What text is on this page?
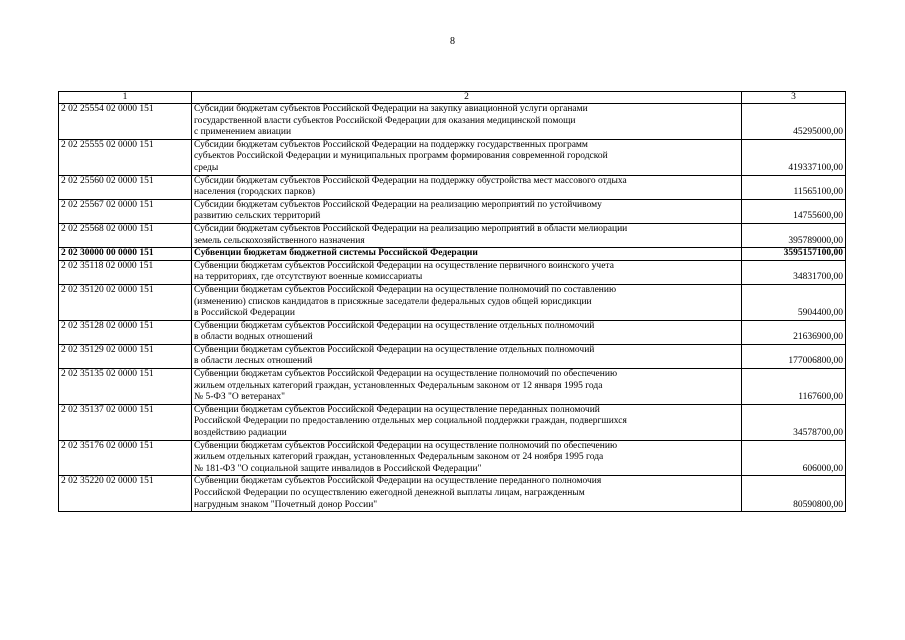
8
1	2	3
2 02 25554 02 0000 151	Субсидии бюджетам субъектов Российской Федерации на закупку авиационной услуги органами
государственной власти субъектов Российской Федерации для оказания медицинской помощи
с применением авиации	45295000,00
2 02 25555 02 0000 151	Субсидии бюджетам субъектов Российской Федерации на поддержку государственных программ
субъектов Российской Федерации и муниципальных программ формирования современной городской
среды	419337100,00
2 02 25560 02 0000 151	Субсидии бюджетам субъектов Российской Федерации на поддержку обустройства мест массового отдыха
населения (городских парков)	11565100,00
2 02 25567 02 0000 151	Субсидии бюджетам субъектов Российской Федерации на реализацию мероприятий по устойчивому
развитию сельских территорий	14755600,00
2 02 25568 02 0000 151	Субсидии бюджетам субъектов Российской Федерации на реализацию мероприятий в области мелиорации
земель сельскохозяйственного назначения	395789000,00
2 02 30000 00 0000 151	Субвенции бюджетам бюджетной системы Российской Федерации	3595157100,00
2 02 35118 02 0000 151	Субвенции бюджетам субъектов Российской Федерации на осуществление первичного воинского учета
на территориях, где отсутствуют военные комиссариаты	34831700,00
2 02 35120 02 0000 151	Субвенции бюджетам субъектов Российской Федерации на осуществление полномочий по составлению
(изменению) списков кандидатов в присяжные заседатели федеральных судов общей юрисдикции
в Российской Федерации	5904400,00
2 02 35128 02 0000 151	Субвенции бюджетам субъектов Российской Федерации на осуществление отдельных полномочий
в области водных отношений	21636900,00
2 02 35129 02 0000 151	Субвенции бюджетам субъектов Российской Федерации на осуществление отдельных полномочий
в области лесных отношений	177006800,00
2 02 35135 02 0000 151	Субвенции бюджетам субъектов Российской Федерации на осуществление полномочий по обеспечению
жильем отдельных категорий граждан, установленных Федеральным законом от 12 января 1995 года
№ 5-ФЗ "О ветеранах"	1167600,00
2 02 35137 02 0000 151	Субвенции бюджетам субъектов Российской Федерации на осуществление переданных полномочий
Российской Федерации по предоставлению отдельных мер социальной поддержки граждан, подвергшихся
воздействию радиации	34578700,00
2 02 35176 02 0000 151	Субвенции бюджетам субъектов Российской Федерации на осуществление полномочий по обеспечению
жильем отдельных категорий граждан, установленных Федеральным законом от 24 ноября 1995 года
№ 181-ФЗ "О социальной защите инвалидов в Российской Федерации"	606000,00
2 02 35220 02 0000 151	Субвенции бюджетам субъектов Российской Федерации на осуществление переданного полномочия
Российской Федерации по осуществлению ежегодной денежной выплаты лицам, награжденным
нагрудным знаком "Почетный донор России"	80590800,00
